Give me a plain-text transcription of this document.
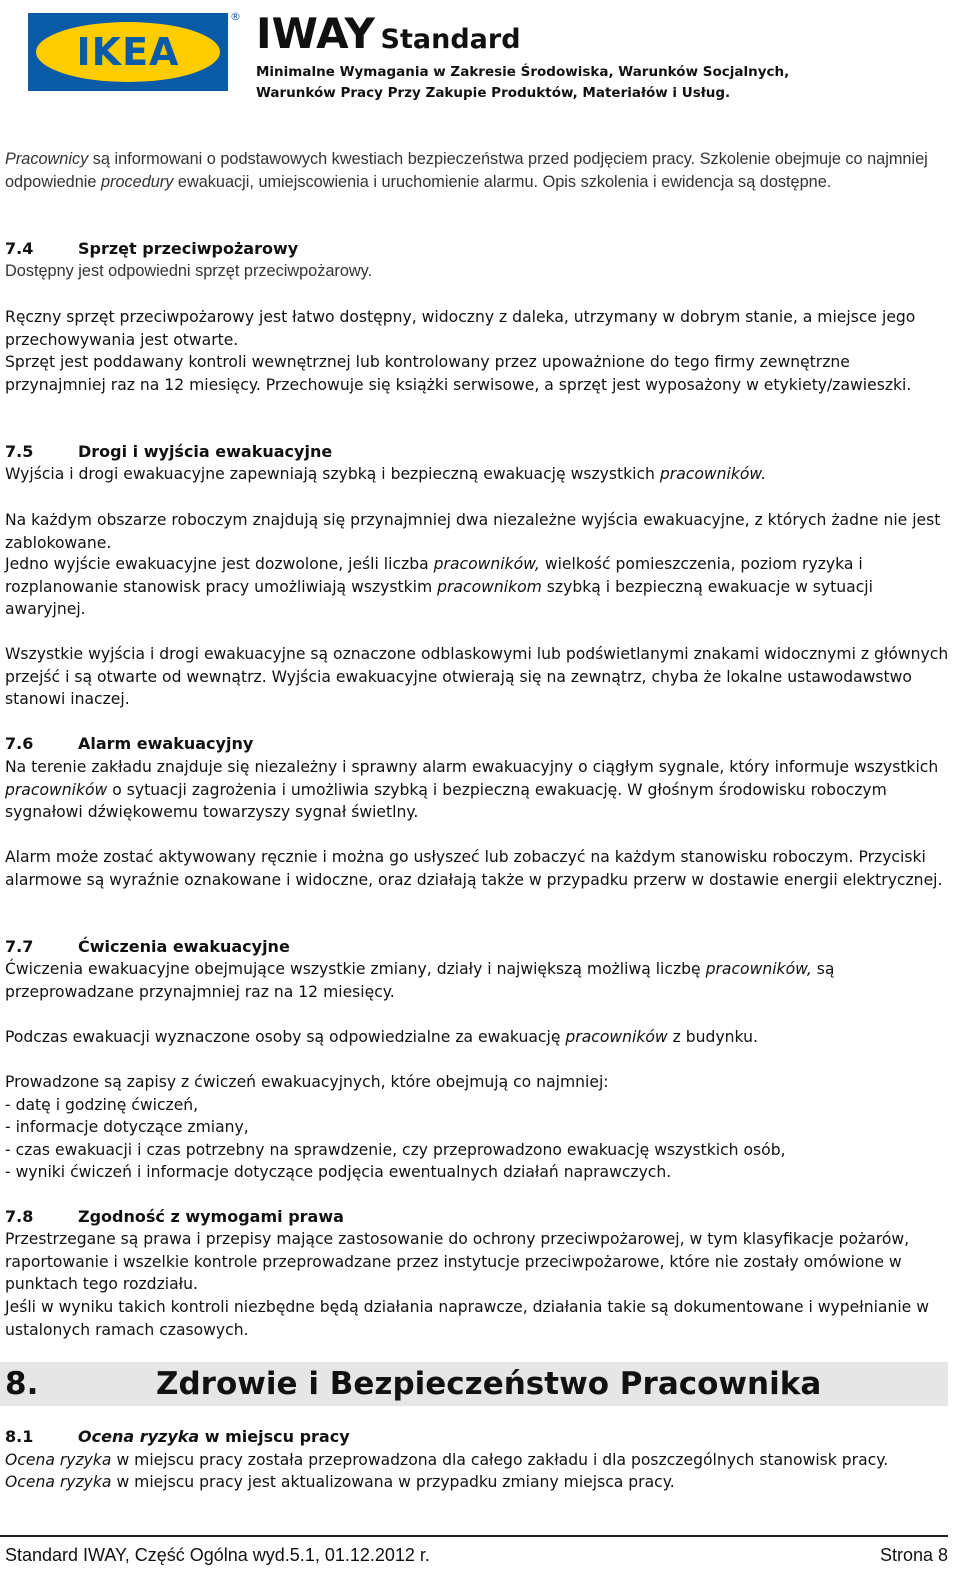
IKEA
® IWAY Standard
Minimalne Wymagania w Zakresie Środowiska, Warunków Socjalnych,
Warunków Pracy Przy Zakupie Produktów, Materiałów i Usług.
Pracownicy są informowani o podstawowych kwestiach bezpieczeństwa przed podjęciem pracy. Szkolenie obejmuje co najmniej odpowiednie procedury ewakuacji, umiejscowienia i uruchomienie alarmu. Opis szkolenia i ewidencja są dostępne.
7.4	Sprzęt przeciwpożarowy
Dostępny jest odpowiedni sprzęt przeciwpożarowy.
Ręczny sprzęt przeciwpożarowy jest łatwo dostępny, widoczny z daleka, utrzymany w dobrym stanie, a miejsce jego przechowywania jest otwarte.
Sprzęt jest poddawany kontroli wewnętrznej lub kontrolowany przez upoważnione do tego firmy zewnętrzne przynajmniej raz na 12 miesięcy. Przechowuje się książki serwisowe, a sprzęt jest wyposażony w etykiety/zawieszki.
7.5	Drogi i wyjścia ewakuacyjne
Wyjścia i drogi ewakuacyjne zapewniają szybką i bezpieczną ewakuację wszystkich pracowników.
Na każdym obszarze roboczym znajdują się przynajmniej dwa niezależne wyjścia ewakuacyjne, z których żadne nie jest zablokowane.
Jedno wyjście ewakuacyjne jest dozwolone, jeśli liczba pracowników, wielkość pomieszczenia, poziom ryzyka i rozplanowanie stanowisk pracy umożliwiają wszystkim pracownikom szybką i bezpieczną ewakuacje w sytuacji awaryjnej.
Wszystkie wyjścia i drogi ewakuacyjne są oznaczone odblaskowymi lub podświetlanymi znakami widocznymi z głównych przejść i są otwarte od wewnątrz. Wyjścia ewakuacyjne otwierają się na zewnątrz, chyba że lokalne ustawodawstwo stanowi inaczej.
7.6	Alarm ewakuacyjny
Na terenie zakładu znajduje się niezależny i sprawny alarm ewakuacyjny o ciągłym sygnale, który informuje wszystkich pracowników o sytuacji zagrożenia i umożliwia szybką i bezpieczną ewakuację. W głośnym środowisku roboczym sygnałowi dźwiękowemu towarzyszy sygnał świetlny.
Alarm może zostać aktywowany ręcznie i można go usłyszeć lub zobaczyć na każdym stanowisku roboczym. Przyciski alarmowe są wyraźnie oznakowane i widoczne, oraz działają także w przypadku przerw w dostawie energii elektrycznej.
7.7	Ćwiczenia ewakuacyjne
Ćwiczenia ewakuacyjne obejmujące wszystkie zmiany, działy i największą możliwą liczbę pracowników, są przeprowadzane przynajmniej raz na 12 miesięcy.
Podczas ewakuacji wyznaczone osoby są odpowiedzialne za ewakuację pracowników z budynku.
Prowadzone są zapisy z ćwiczeń ewakuacyjnych, które obejmują co najmniej:
- datę i godzinę ćwiczeń,
- informacje dotyczące zmiany,
- czas ewakuacji i czas potrzebny na sprawdzenie, czy przeprowadzono ewakuację wszystkich osób,
- wyniki ćwiczeń i informacje dotyczące podjęcia ewentualnych działań naprawczych.
7.8	Zgodność z wymogami prawa
Przestrzegane są prawa i przepisy mające zastosowanie do ochrony przeciwpożarowej, w tym klasyfikacje pożarów, raportowanie i wszelkie kontrole przeprowadzane przez instytucje przeciwpożarowe, które nie zostały omówione w punktach tego rozdziału.
Jeśli w wyniku takich kontroli niezbędne będą działania naprawcze, działania takie są dokumentowane i wypełnianie w ustalonych ramach czasowych.
8.	Zdrowie i Bezpieczeństwo Pracownika
8.1	Ocena ryzyka w miejscu pracy
Ocena ryzyka w miejscu pracy została przeprowadzona dla całego zakładu i dla poszczególnych stanowisk pracy.
Ocena ryzyka w miejscu pracy jest aktualizowana w przypadku zmiany miejsca pracy.
Standard IWAY, Część Ogólna wyd.5.1, 01.12.2012 r.	Strona 8
